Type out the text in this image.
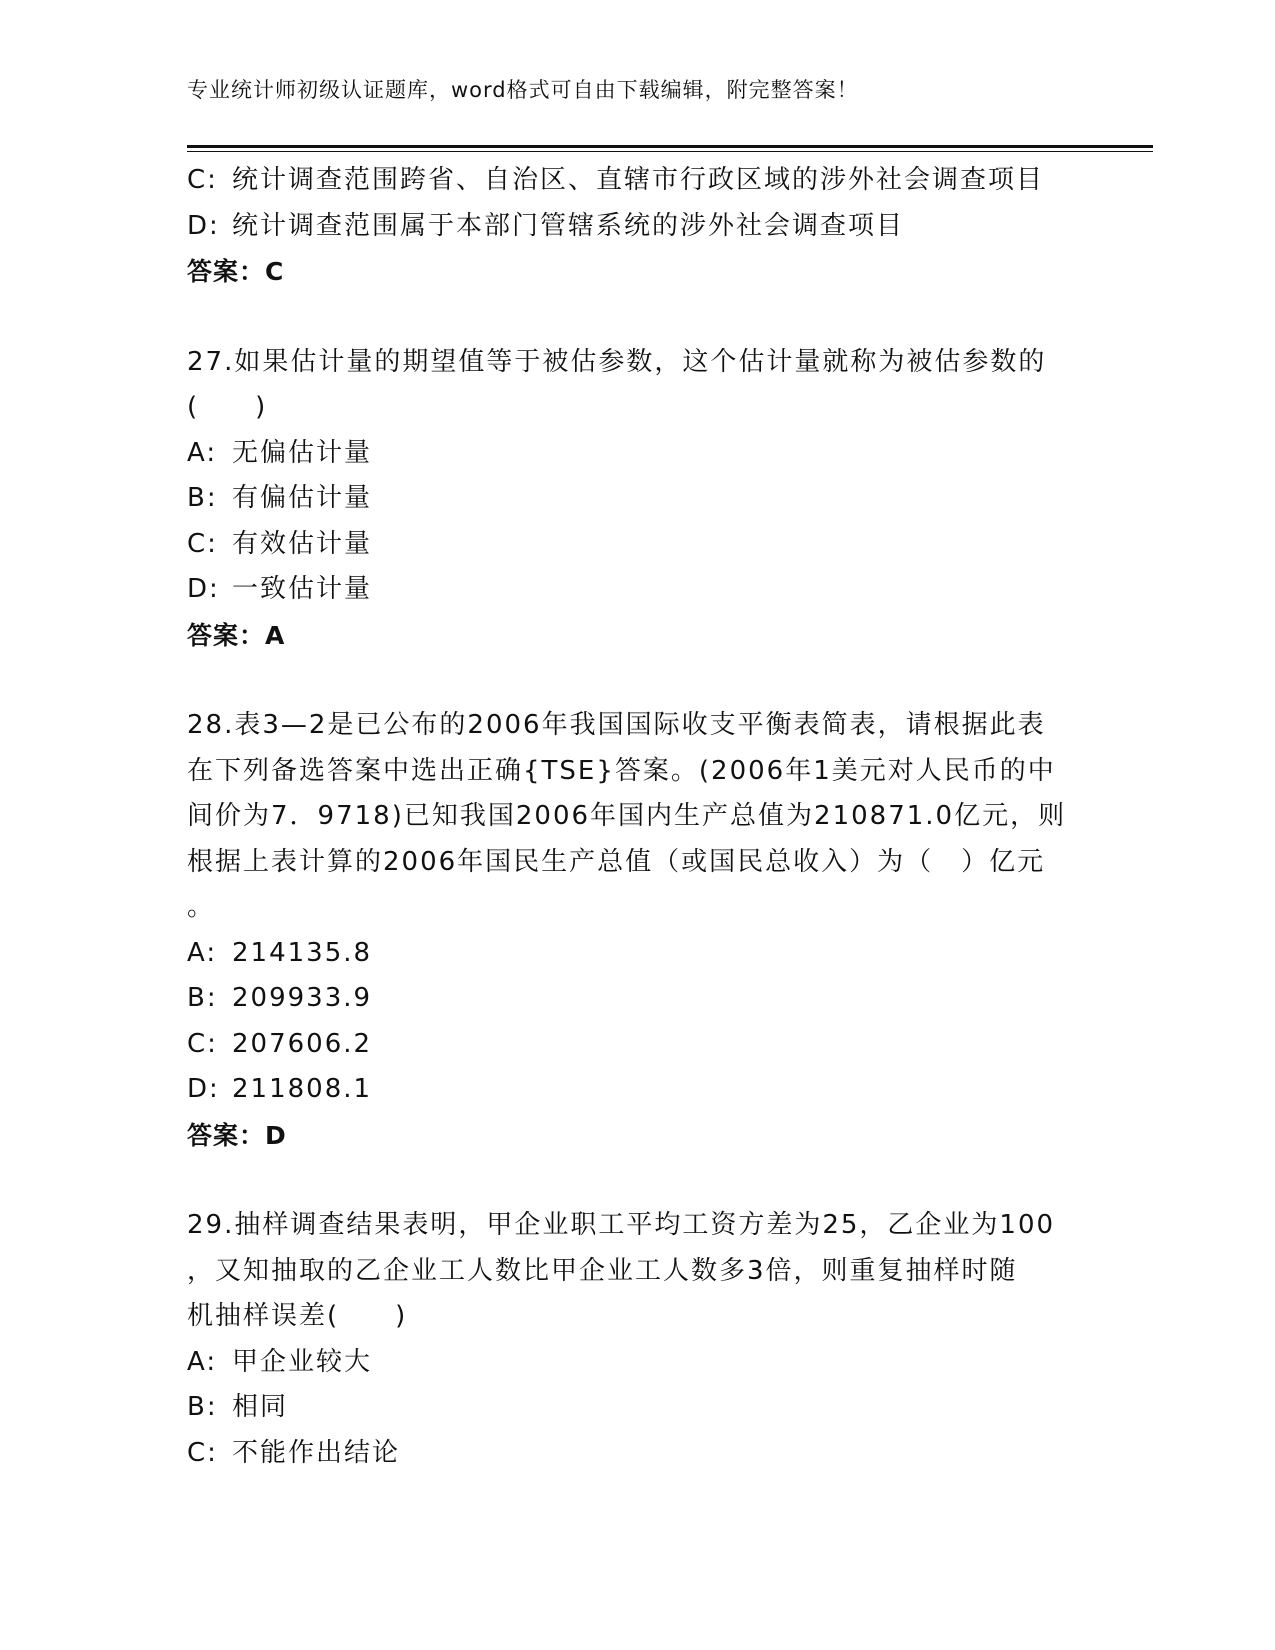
专业统计师初级认证题库，word格式可自由下载编辑，附完整答案！
C: 统计调查范围跨省、自治区、直辖市行政区域的涉外社会调查项目
D: 统计调查范围属于本部门管辖系统的涉外社会调查项目
答案：C
27.如果估计量的期望值等于被估参数，这个估计量就称为被估参数的
(　　)
A: 无偏估计量
B: 有偏估计量
C: 有效估计量
D: 一致估计量
答案：A
28.表3—2是已公布的2006年我国国际收支平衡表简表，请根据此表
在下列备选答案中选出正确{TSE}答案。(2006年1美元对人民币的中
间价为7．9718)已知我国2006年国内生产总值为210871.0亿元，则
根据上表计算的2006年国民生产总值（或国民总收入）为（　）亿元
。
A: 214135.8
B: 209933.9
C: 207606.2
D: 211808.1
答案：D
29.抽样调查结果表明，甲企业职工平均工资方差为25，乙企业为100
，又知抽取的乙企业工人数比甲企业工人数多3倍，则重复抽样时随
机抽样误差(　　)
A: 甲企业较大
B: 相同
C: 不能作出结论
